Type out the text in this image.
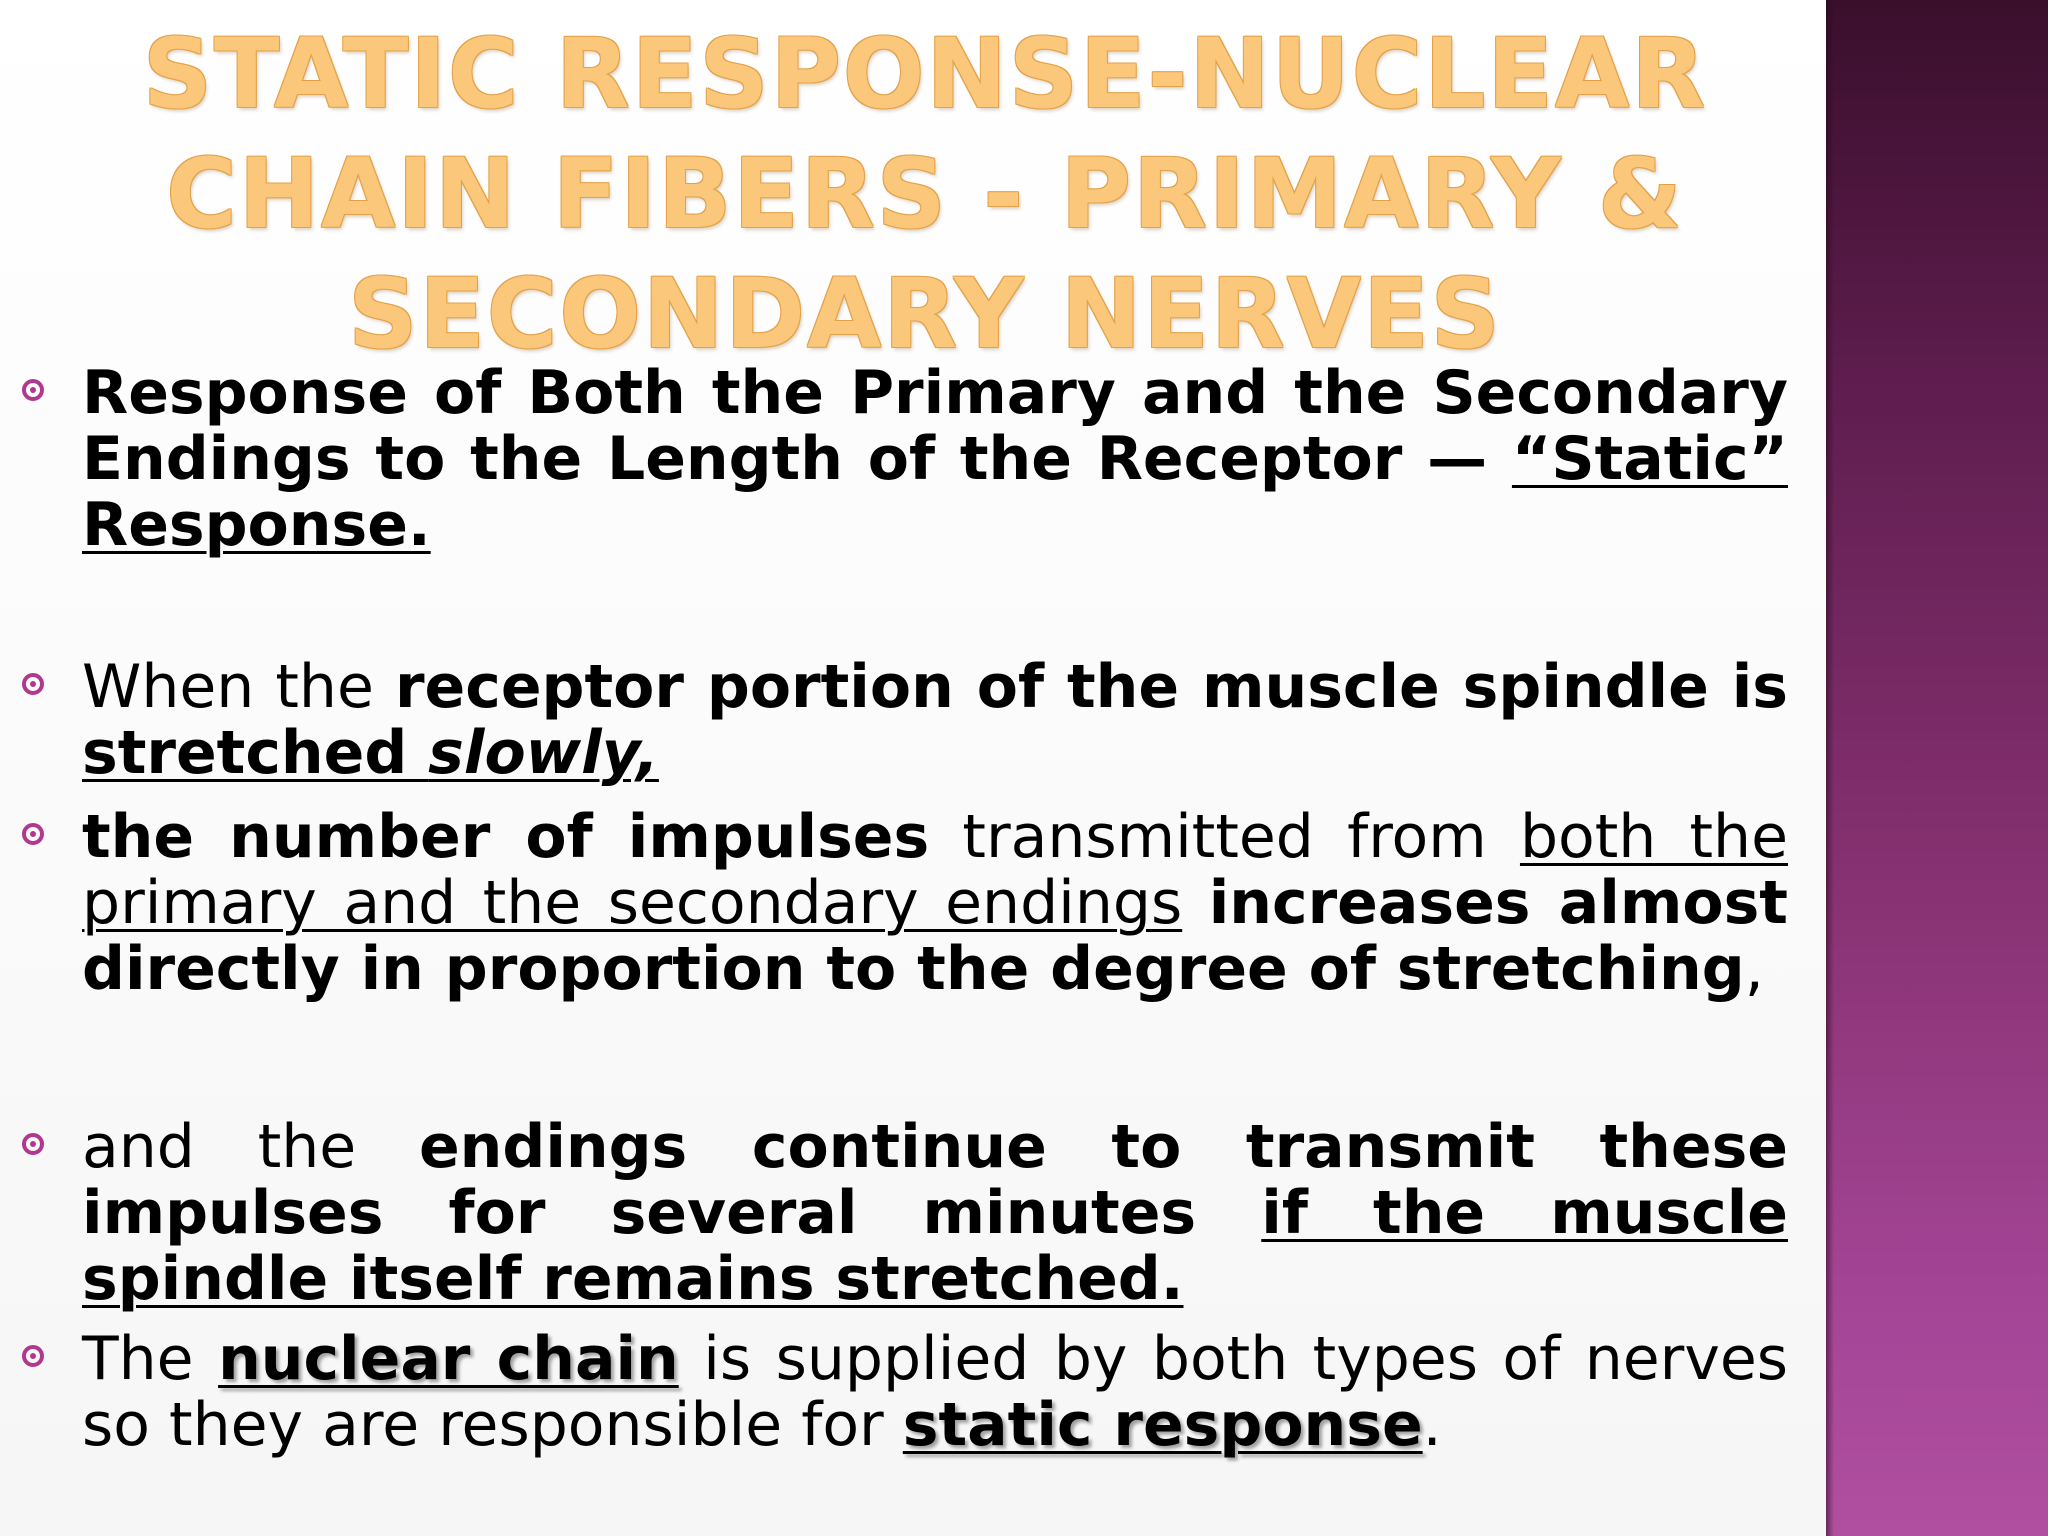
STATIC RESPONSE-NUCLEAR CHAIN FIBERS - PRIMARY & SECONDARY NERVES
Response of Both the Primary and the Secondary Endings to the Length of the Receptor — “Static” Response.
When the receptor portion of the muscle spindle is stretched slowly,
the number of impulses transmitted from both the primary and the secondary endings increases almost directly in proportion to the degree of stretching,
and the endings continue to transmit these impulses for several minutes if the muscle spindle itself remains stretched.
The nuclear chain is supplied by both types of nerves so they are responsible for static response.
